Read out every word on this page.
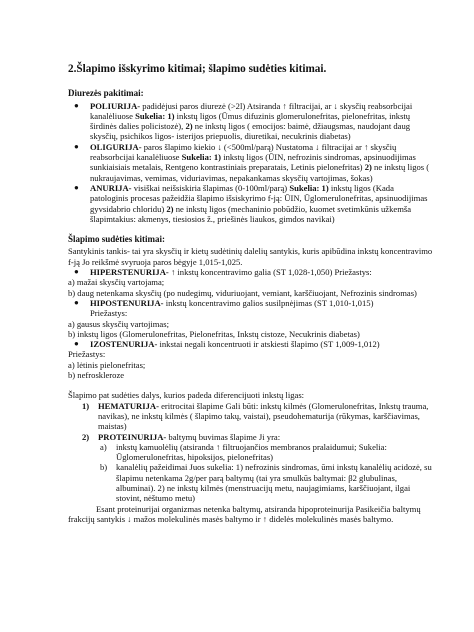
2.Šlapimo išskyrimo kitimai; šlapimo sudėties kitimai.

Diurezės pakitimai:

● POLIURIJA- padidėjusi paros diurezė (>2l) Atsiranda ↑ filtracijai, ar ↓ skysčių reabsorbcijai kanalėliuose Sukelia: 1) inkstų ligos (Ūmus difuzinis glomerulonefritas, pielonefritas, inkstų širdinės dalies policistozė), 2) ne inkstų ligos ( emocijos: baimė, džiaugsmas, naudojant daug skysčių, psichikos ligos- isterijos priepuolis, diuretikai, necukrinis diabetas)
● OLIGURIJA- paros šlapimo kiekio ↓ (<500ml/parą) Nustatoma ↓ filtracijai ar ↑ skysčių reabsorbcijai kanalėliuose Sukelia: 1) inkstų ligos (ŪIN, nefrozinis sindromas, apsinuodijimas sunkiaisiais metalais, Rentgeno kontrastiniais preparatais, Letinis pielonefritas) 2) ne inkstų ligos ( nukraujavimas, vemimas, viduriavimas, nepakankamas skysčių vartojimas, šokas)
● ANURIJA- visiškai neišsiskiria šlapimas (0-100ml/parą) Sukelia: 1) inkstų ligos (Kada patologinis procesas pažeidžia šlapimo išsiskyrimo f-ją: ŪIN, Ūglomerulonefritas, apsinuodijimas gyvsidabrio chloridu) 2) ne inkstų ligos (mechaninio pobūdžio, kuomet svetimkūnis užkemša šlapimtakius: akmenys, tiesiosios ž., priešinės liaukos, gimdos navikai)

Šlapimo sudėties kitimai:

Santykinis tankis- tai yra skysčių ir kietų sudėtinių dalelių santykis, kuris apibūdina inkstų koncentravimo f-ją Jo reikšmė svyruoja paros bėgyje 1,015-1,025.

● HIPERSTENURIJA- ↑ inkstų koncentravimo galia (ST 1,028-1,050) Priežastys:
a) mažai skysčių vartojama;
b) daug netenkama skysčių (po nudegimų, viduriuojant, vemiant, karščiuojant, Nefrozinis sindromas)
● HIPOSTENURIJA- inkstų koncentravimo galios susilpnėjimas (ST 1,010-1,015)
Priežastys:
a) gausus skysčių vartojimas;
b) inkstų ligos (Glomerulonefritas, Pielonefritas, Inkstų cistoze, Necukrinis diabetas)
● IZOSTENURIJA- inkstai negali koncentruoti ir atskiesti šlapimo (ST 1,009-1,012)

Priežastys:

a) lėtinis pielonefritas;
b) nefroskleroze

Šlapimo pat sudėties dalys, kurios padeda diferencijuoti inkstų ligas:

1) HEMATURIJA- eritrocitai šlapime Gali būti: inkstų kilmės (Glomerulonefritas, Inkstų trauma, navikas), ne inkstų kilmės ( šlapimo takų, vaistai), pseudohematurija (rūkymas, karščiavimas, maistas)
2) PROTEINURIJA- baltymų buvimas šlapime Ji yra:
a) inkstų kamuolėlių (atsiranda ↑ filtruojančios membranos pralaidumui; Sukelia: Ūglomerulonefritas, hipoksijos, pielonefritas)
b) kanalėlių pažeidimai Juos sukelia: 1) nefrozinis sindromas, ūmi inkstų kanalėlių acidozė, su šlapimu netenkama 2g/per parą baltymų (tai yra smulkūs baltymai: β2 glubulinas, albuminai). 2) ne inkstų kilmės (menstruacijų metu, naujagimiams, karščiuojant, ilgai stovint, nėštumo metu)

Esant proteinurijai organizmas netenka baltymų, atsiranda hipoproteinurija Pasikeičia baltymų frakcijų santykis ↓ mažos molekulinės masės baltymo ir ↑ didelės molekulinės masės baltymo.
